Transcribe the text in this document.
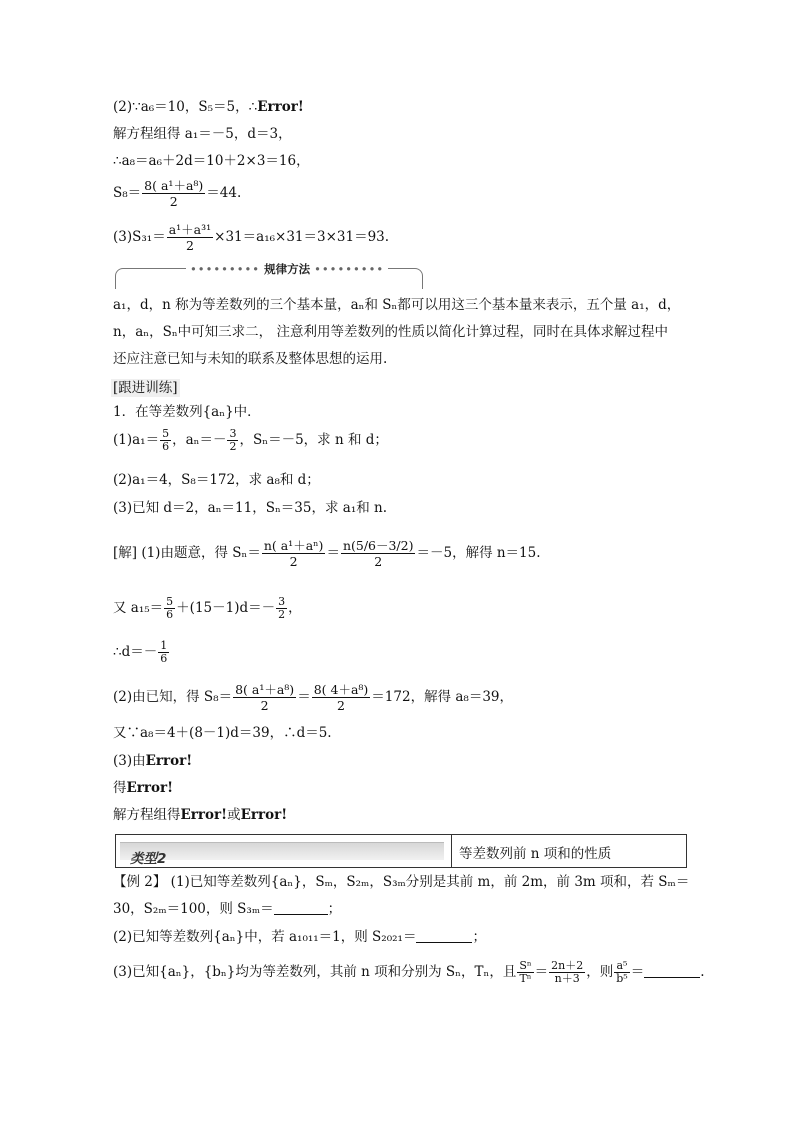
(2)∵a₆＝10，S₅＝5，∴Error!
解方程组得 a₁＝－5，d＝3，
∴a₈＝a₆＋2d＝10＋2×3＝16，
$S_8= \frac{\text{8( a¹＋a⁸)}}{2} =44$.
$(3)S_{31}= \frac{\text{a¹＋a³¹}}{2} \times 31=a_{16}\times 31=3\times 31=93$.
••••••••• 规律方法 •••••••••
a₁，d，n 称为等差数列的三个基本量，aₙ和 Sₙ都可以用这三个基本量来表示，五个量 a₁，d，
n，aₙ，Sₙ中可知三求二， 注意利用等差数列的性质以简化计算过程，同时在具体求解过程中
还应注意已知与未知的联系及整体思想的运用.
[跟进训练]
1．在等差数列{aₙ}中．
$(1)a_1= \frac{5}{6}$ ，$a_n=- \frac{3}{2}$ ，Sₙ＝－5，求 n 和 d；
(2)a₁＝4，S₈＝172，求 a₈和 d；
(3)已知 d＝2，aₙ＝11，Sₙ＝35，求 a₁和 n.
[解] (1)由题意，得 $S_n= \frac{\text{n( a¹＋aⁿ)}}{2} = \frac{n(5/6-3/2)}{2} =-5$，解得 n＝15.
又 $a_{15}= \frac{5}{6} +(15-1)d=- \frac{3}{2}$ ，
∴d＝－ $\frac{1}{6}$
(2)由已知，得 $S_8= \frac{\text{8( a¹＋a⁸)}}{2} = \frac{\text{8( 4＋a⁸)}}{2} =172$，解得 a₈＝39，
又∵a₈＝4＋(8－1)d＝39，∴d＝5.
(3)由Error!
得Error!
解方程组得Error!或Error!
类型2	等差数列前 n 项和的性质
【例 2】 (1)已知等差数列{aₙ}，Sₘ，S₂ₘ，S₃ₘ分别是其前 m，前 2m，前 3m 项和，若 Sₘ＝
30，S₂ₘ＝100，则 S₃ₘ＝	；
(2)已知等差数列{aₙ}中，若 a₁₀₁₁＝1，则 S₂₀₂₁＝	；
(3)已知{aₙ}，{bₙ}均为等差数列，其前 n 项和分别为 Sₙ，Tₙ，且 $\frac{\text{Sⁿ}}{\text{Tⁿ}} = \frac{2n+2}{n+3}$ ，则 $\frac{\text{a⁵}}{\text{b⁵}}$ ＝	.
